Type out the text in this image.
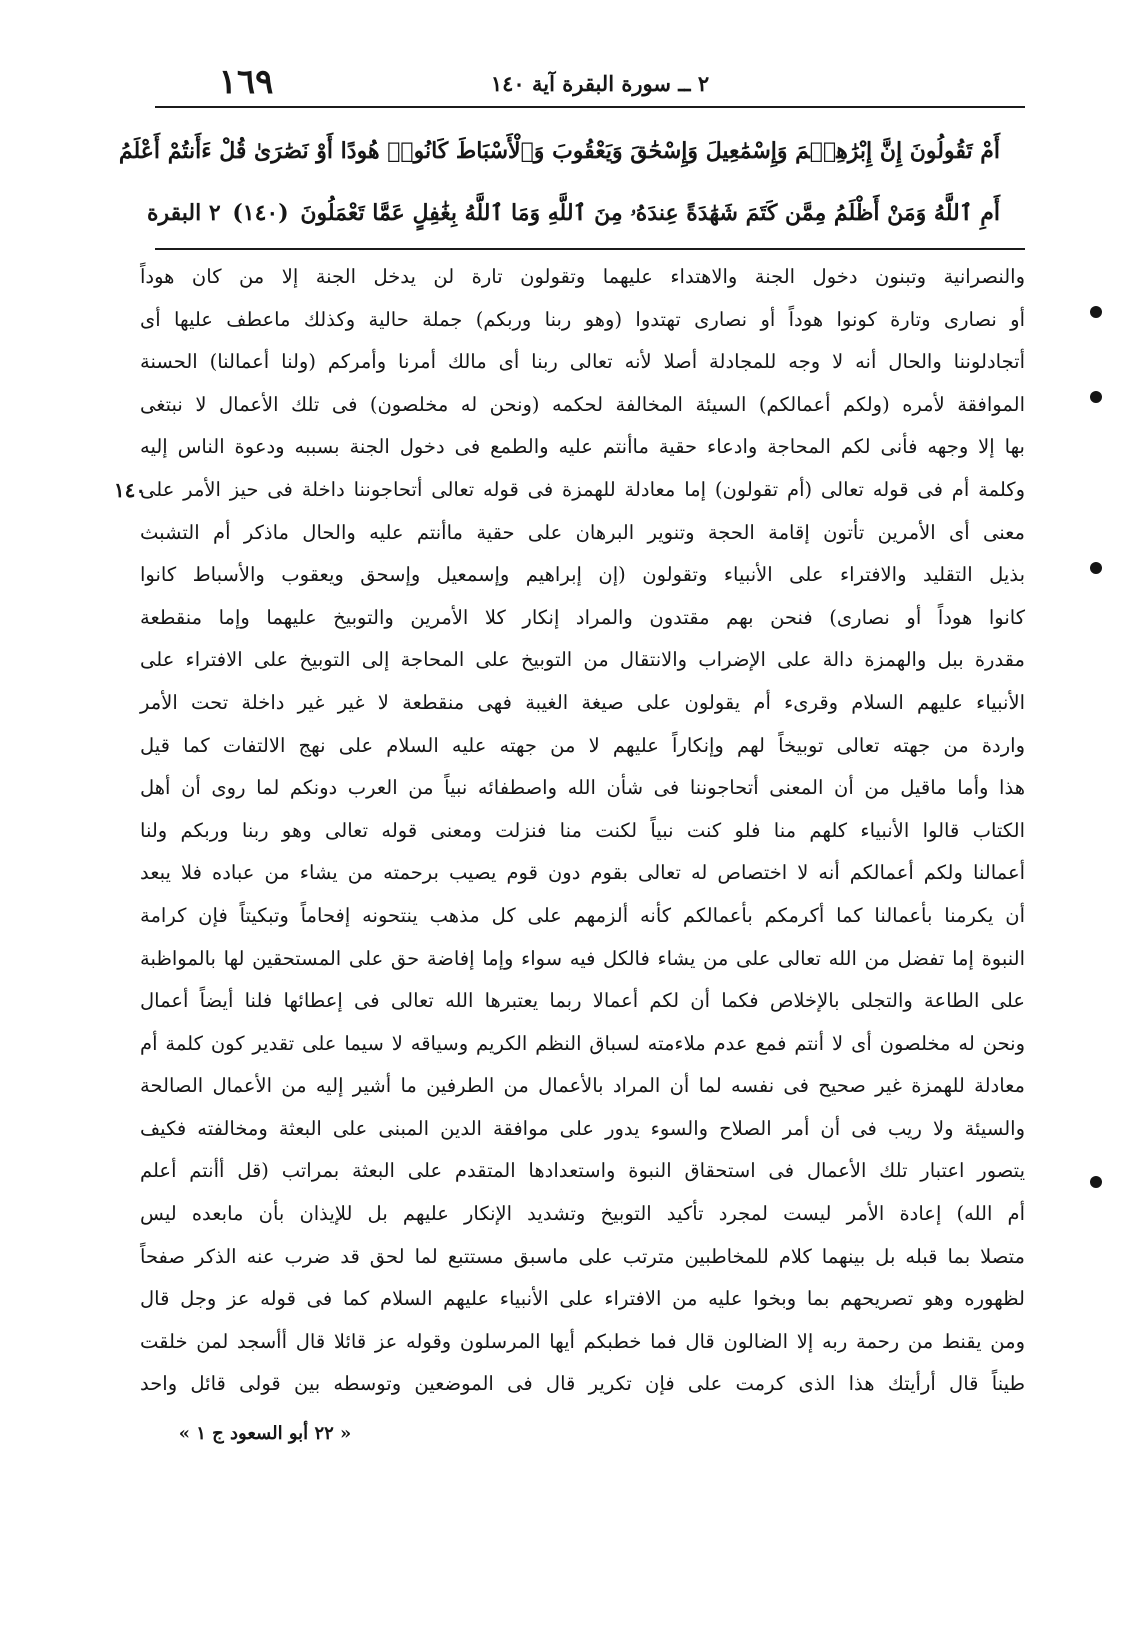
١٦٩	٢ ــ سورة البقرة آية ١٤٠
أَمْ تَقُولُونَ إِنَّ إِبْرَٰهِـۧمَ وَإِسْمَٰعِيلَ وَإِسْحَٰقَ وَيَعْقُوبَ وَٱلْأَسْبَاطَ كَانُوا۟ هُودًا أَوْ نَصَٰرَىٰ قُلْ ءَأَنتُمْ أَعْلَمُ
أَمِ ٱللَّهُ وَمَنْ أَظْلَمُ مِمَّن كَتَمَ شَهَٰدَةً عِندَهُۥ مِنَ ٱللَّهِ وَمَا ٱللَّهُ بِغَٰفِلٍ عَمَّا تَعْمَلُونَ (١٤٠) ٢ البقرة
١٤٠
والنصرانية وتبنون دخول الجنة والاهتداء عليهما وتقولون تارة لن يدخل الجنة إلا من كان هوداً
أو نصارى وتارة كونوا هوداً أو نصارى تهتدوا (وهو ربنا وربكم) جملة حالية وكذلك ماعطف عليها أى
أتجادلوننا والحال أنه لا وجه للمجادلة أصلا لأنه تعالى ربنا أى مالك أمرنا وأمركم (ولنا أعمالنا) الحسنة
الموافقة لأمره (ولكم أعمالكم) السيئة المخالفة لحكمه (ونحن له مخلصون) فى تلك الأعمال لا نبتغى
بها إلا وجهه فأنى لكم المحاجة وادعاء حقية ماأنتم عليه والطمع فى دخول الجنة بسببه ودعوة الناس إليه
وكلمة أم فى قوله تعالى (أم تقولون) إما معادلة للهمزة فى قوله تعالى أتحاجوننا داخلة فى حيز الأمر على
معنى أى الأمرين تأتون إقامة الحجة وتنوير البرهان على حقية ماأنتم عليه والحال ماذكر أم التشبث
بذيل التقليد والافتراء على الأنبياء وتقولون (إن إبراهيم وإسمعيل وإسحق ويعقوب والأسباط كانوا
كانوا هوداً أو نصارى) فنحن بهم مقتدون والمراد إنكار كلا الأمرين والتوبيخ عليهما وإما منقطعة
مقدرة ببل والهمزة دالة على الإضراب والانتقال من التوبيخ على المحاجة إلى التوبيخ على الافتراء على
الأنبياء عليهم السلام وقرىء أم يقولون على صيغة الغيبة فهى منقطعة لا غير غير داخلة تحت الأمر
واردة من جهته تعالى توبيخاً لهم وإنكاراً عليهم لا من جهته عليه السلام على نهج الالتفات كما قيل
هذا وأما ماقيل من أن المعنى أتحاجوننا فى شأن الله واصطفائه نبياً من العرب دونكم لما روى أن أهل
الكتاب قالوا الأنبياء كلهم منا فلو كنت نبياً لكنت منا فنزلت ومعنى قوله تعالى وهو ربنا وربكم ولنا
أعمالنا ولكم أعمالكم أنه لا اختصاص له تعالى بقوم دون قوم يصيب برحمته من يشاء من عباده فلا يبعد
أن يكرمنا بأعمالنا كما أكرمكم بأعمالكم كأنه ألزمهم على كل مذهب ينتحونه إفحاماً وتبكيتاً فإن كرامة
النبوة إما تفضل من الله تعالى على من يشاء فالكل فيه سواء وإما إفاضة حق على المستحقين لها بالمواظبة
على الطاعة والتجلى بالإخلاص فكما أن لكم أعمالا ربما يعتبرها الله تعالى فى إعطائها فلنا أيضاً أعمال
ونحن له مخلصون أى لا أنتم فمع عدم ملاءمته لسباق النظم الكريم وسياقه لا سيما على تقدير كون كلمة أم
معادلة للهمزة غير صحيح فى نفسه لما أن المراد بالأعمال من الطرفين ما أشير إليه من الأعمال الصالحة
والسيئة ولا ريب فى أن أمر الصلاح والسوء يدور على موافقة الدين المبنى على البعثة ومخالفته فكيف
يتصور اعتبار تلك الأعمال فى استحقاق النبوة واستعدادها المتقدم على البعثة بمراتب (قل أأنتم أعلم
أم الله) إعادة الأمر ليست لمجرد تأكيد التوبيخ وتشديد الإنكار عليهم بل للإيذان بأن مابعده ليس
متصلا بما قبله بل بينهما كلام للمخاطبين مترتب على ماسبق مستتبع لما لحق قد ضرب عنه الذكر صفحاً
لظهوره وهو تصريحهم بما وبخوا عليه من الافتراء على الأنبياء عليهم السلام كما فى قوله عز وجل قال
ومن يقنط من رحمة ربه إلا الضالون قال فما خطبكم أيها المرسلون وقوله عز قائلا قال أأسجد لمن خلقت
طيناً قال أرأيتك هذا الذى كرمت على فإن تكرير قال فى الموضعين وتوسطه بين قولى قائل واحد
« ٢٢ أبو السعود ج ١ »
